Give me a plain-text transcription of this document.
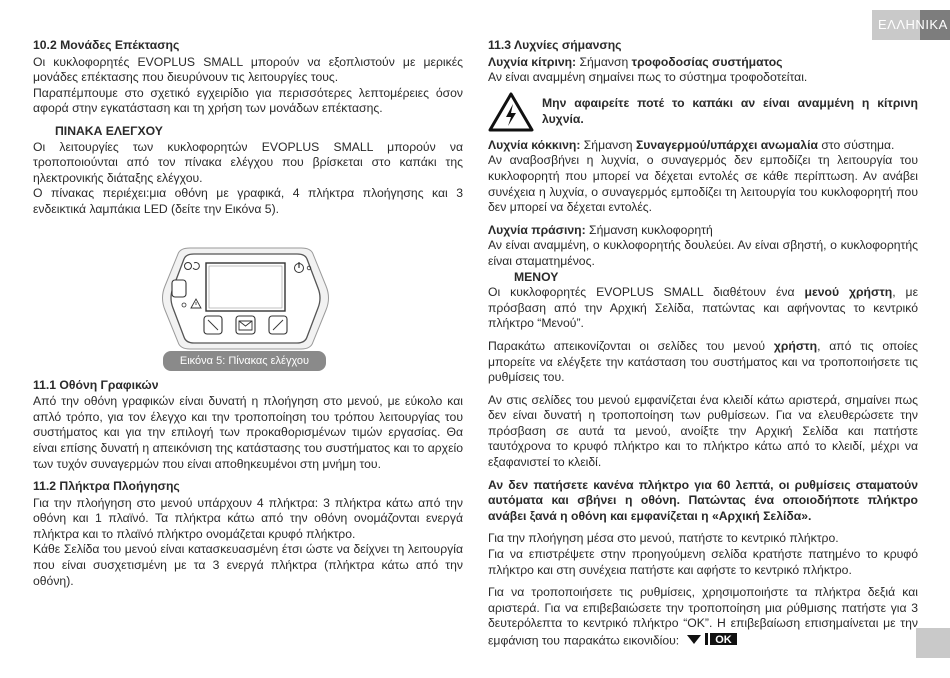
ΕΛΛΗΝΙΚΑ

10.2 Μονάδες Επέκτασης

Οι κυκλοφορητές EVOPLUS SMALL μπορούν να εξοπλιστούν με μερικές μονάδες επέκτασης που διευρύνουν τις λειτουργίες τους.

Παραπέμπουμε στο σχετικό εγχειρίδιο για περισσότερες λεπτομέρειες όσον αφορά στην εγκατάσταση και τη χρήση των μονάδων επέκτασης.

ΠΙΝΑΚΑ ΕΛΕΓΧΟΥ

Οι λειτουργίες των κυκλοφορητών EVOPLUS SMALL μπορούν να τροποποιούνται από τον πίνακα ελέγχου που βρίσκεται στο καπάκι της ηλεκτρονικής διάταξης ελέγχου.

Ο πίνακας περιέχει:μια οθόνη με γραφικά, 4 πλήκτρα πλοήγησης και 3 ενδεικτικά λαμπάκια LED (δείτε την Εικόνα 5).

Εικόνα 5: Πίνακας ελέγχου

11.1 Οθόνη Γραφικών

Από την οθόνη γραφικών είναι δυνατή η πλοήγηση στο μενού, με εύκολο και απλό τρόπο, για τον έλεγχο και την τροποποίηση του τρόπου λειτουργίας του συστήματος και για την επιλογή των προκαθορισμένων τιμών εργασίας. Θα είναι επίσης δυνατή η απεικόνιση της κατάστασης του συστήματος και το αρχείο των τυχόν συναγερμών που είναι αποθηκευμένοι στη μνήμη του.

11.2 Πλήκτρα Πλοήγησης

Για την πλοήγηση στο μενού υπάρχουν 4 πλήκτρα: 3 πλήκτρα κάτω από την οθόνη και 1 πλαϊνό. Τα πλήκτρα κάτω από την οθόνη ονομάζονται ενεργά πλήκτρα και το πλαϊνό πλήκτρο ονομάζεται κρυφό πλήκτρο.

Κάθε Σελίδα του μενού είναι κατασκευασμένη έτσι ώστε να δείχνει τη λειτουργία που είναι συσχετισμένη με τα 3 ενεργά πλήκτρα (πλήκτρα κάτω από την οθόνη).

11.3 Λυχνίες σήμανσης

Λυχνία κίτρινη: Σήμανση τροφοδοσίας συστήματος

Αν είναι αναμμένη σημαίνει πως το σύστημα τροφοδοτείται.

Μην αφαιρείτε ποτέ το καπάκι αν είναι αναμμένη η κίτρινη λυχνία.

Λυχνία κόκκινη: Σήμανση Συναγερμού/υπάρχει ανωμαλία στο σύστημα.

Αν αναβοσβήνει η λυχνία, ο συναγερμός δεν εμποδίζει τη λειτουργία του κυκλοφορητή που μπορεί να δέχεται εντολές σε κάθε περίπτωση. Αν ανάβει συνέχεια η λυχνία, ο συναγερμός εμποδίζει τη λειτουργία του κυκλοφορητή που δεν μπορεί να δέχεται εντολές.

Λυχνία πράσινη: Σήμανση κυκλοφορητή

Αν είναι αναμμένη, ο κυκλοφορητής δουλεύει. Αν είναι σβηστή, ο κυκλοφορητής είναι σταματημένος.

ΜΕΝΟΥ

Οι κυκλοφορητές EVOPLUS SMALL διαθέτουν ένα μενού χρήστη, με πρόσβαση από την Αρχική Σελίδα, πατώντας και αφήνοντας το κεντρικό πλήκτρο “Μενού”.

Παρακάτω απεικονίζονται οι σελίδες του μενού χρήστη, από τις οποίες μπορείτε να ελέγξετε την κατάσταση του συστήματος και να τροποποιήσετε τις ρυθμίσεις του.

Αν στις σελίδες του μενού εμφανίζεται ένα κλειδί κάτω αριστερά, σημαίνει πως δεν είναι δυνατή η τροποποίηση των ρυθμίσεων. Για να ελευθερώσετε την πρόσβαση σε αυτά τα μενού, ανοίξτε την Αρχική Σελίδα και πατήστε ταυτόχρονα το κρυφό πλήκτρο και το πλήκτρο κάτω από το κλειδί, μέχρι να εξαφανιστεί το κλειδί.

Αν δεν πατήσετε κανένα πλήκτρο για 60 λεπτά, οι ρυθμίσεις σταματούν αυτόματα και σβήνει η οθόνη. Πατώντας ένα οποιοδήποτε πλήκτρο ανάβει ξανά η οθόνη και εμφανίζεται η «Αρχική Σελίδα».

Για την πλοήγηση μέσα στο μενού, πατήστε το κεντρικό πλήκτρο.

Για να επιστρέψετε στην προηγούμενη σελίδα κρατήστε πατημένο το κρυφό πλήκτρο και στη συνέχεια πατήστε και αφήστε το κεντρικό πλήκτρο.

Για να τροποποιήσετε τις ρυθμίσεις, χρησιμοποιήστε τα πλήκτρα δεξιά και αριστερά. Για να επιβεβαιώσετε την τροποποίηση μια ρύθμισης πατήστε για 3 δευτερόλεπτα το κεντρικό πλήκτρο “OK”. Η επιβεβαίωση επισημαίνεται με την εμφάνιση του παρακάτω εικονιδίου:	OK
